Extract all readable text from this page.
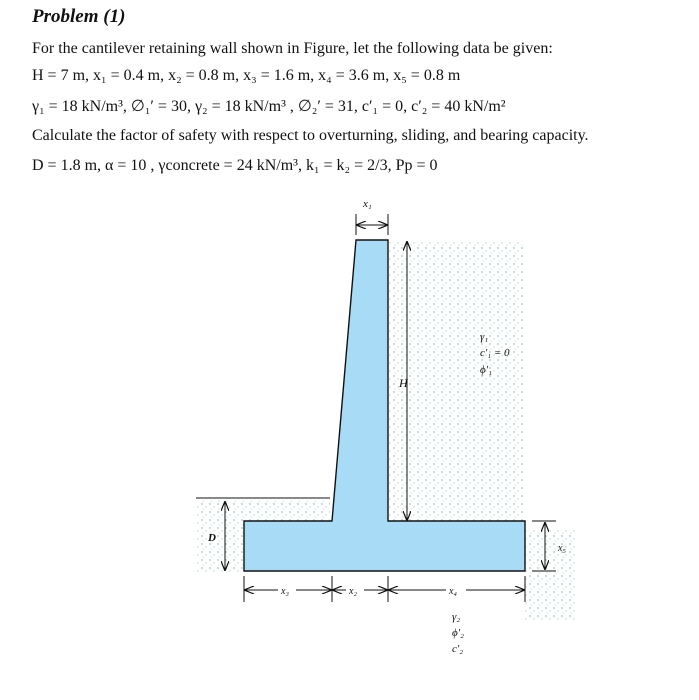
Problem (1)
For the cantilever retaining wall shown in Figure, let the following data be given:
H = 7 m, x₁ = 0.4 m, x₂ = 0.8 m, x₃ = 1.6 m, x₄ = 3.6 m, x₅ = 0.8 m
γ₁ = 18 kN/m³, ∅₁′ = 30, γ₂ = 18 kN/m³ , ∅₂′ = 31, c′₁ = 0, c′₂ = 40 kN/m²
Calculate the factor of safety with respect to overturning, sliding, and bearing capacity.
D = 1.8 m, α = 10 , γconcrete = 24 kN/m³, k₁ = k₂ = 2/3, Pp = 0
x₁
H
γ₁
c′₁ = 0
ϕ′₁
D
x₅
x₃	x₂	x₄
γ₂
ϕ′₂
c′₂
